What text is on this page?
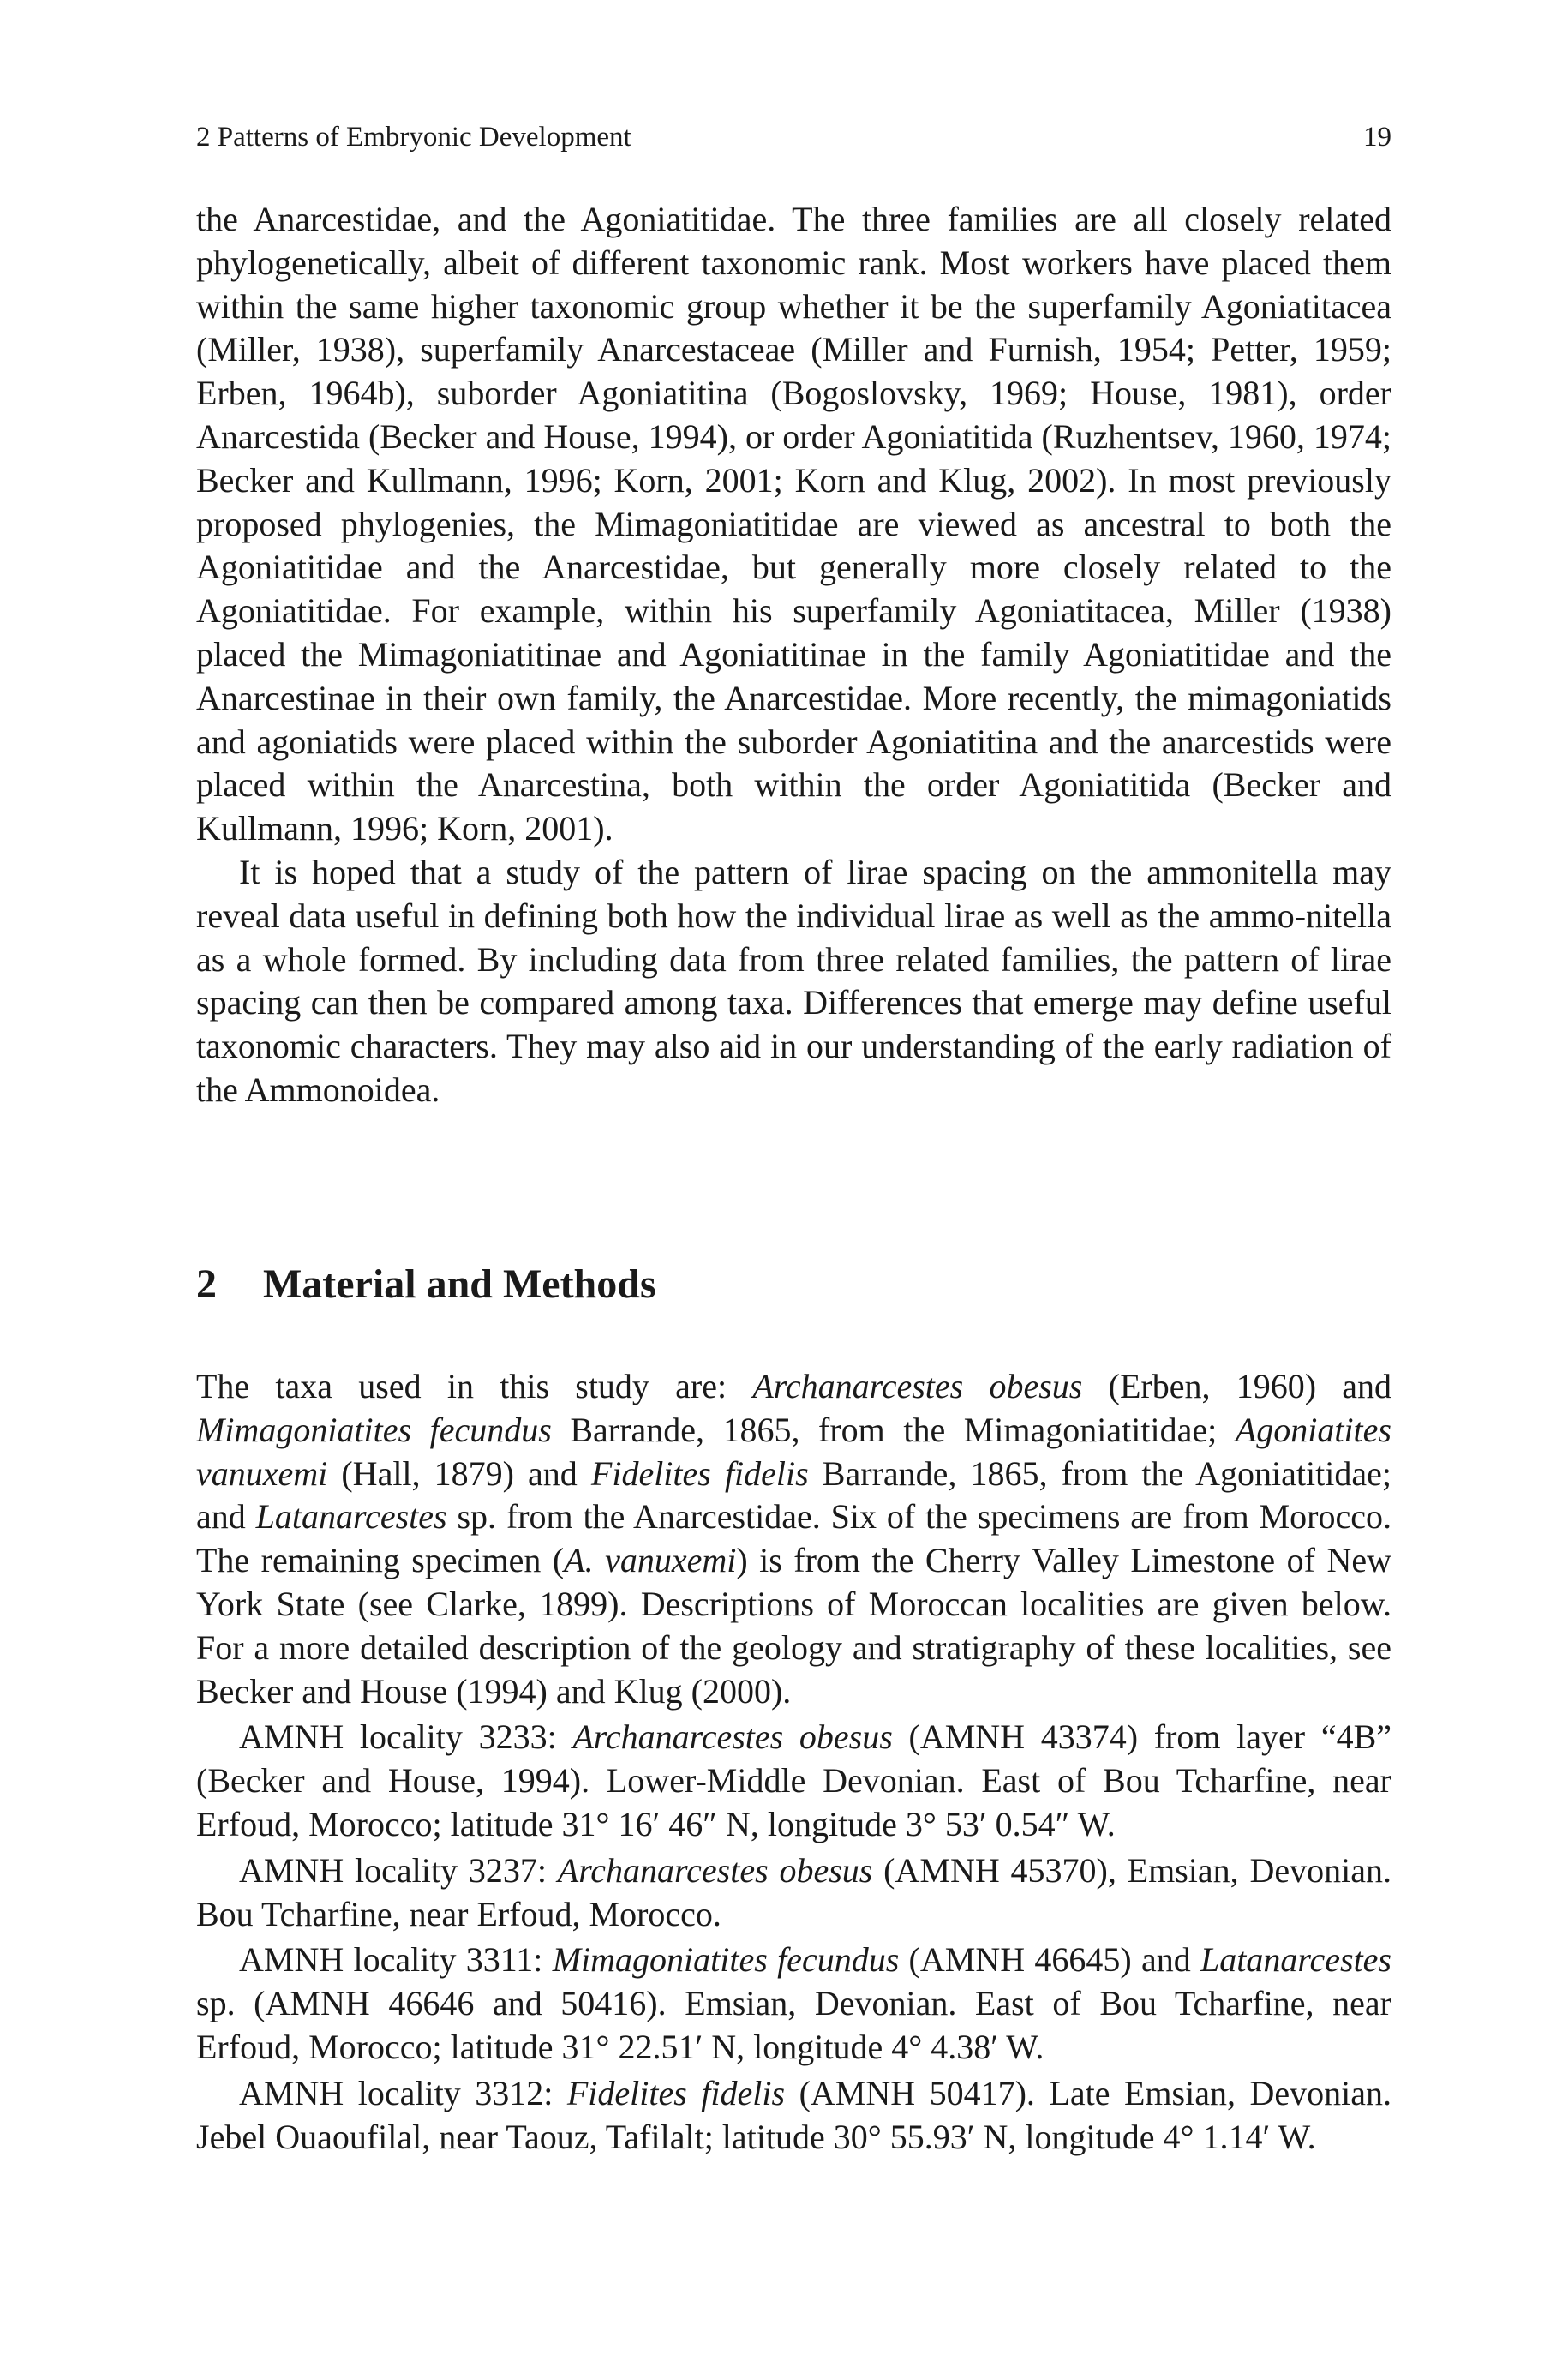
2 Patterns of Embryonic Development	19

the Anarcestidae, and the Agoniatitidae. The three families are all closely related phylogenetically, albeit of different taxonomic rank. Most workers have placed them within the same higher taxonomic group whether it be the superfamily Agoniatitacea (Miller, 1938), superfamily Anarcestaceae (Miller and Furnish, 1954; Petter, 1959; Erben, 1964b), suborder Agoniatitina (Bogoslovsky, 1969; House, 1981), order Anarcestida (Becker and House, 1994), or order Agoniatitida (Ruzhentsev, 1960, 1974; Becker and Kullmann, 1996; Korn, 2001; Korn and Klug, 2002). In most previously proposed phylogenies, the Mimagoniatitidae are viewed as ancestral to both the Agoniatitidae and the Anarcestidae, but generally more closely related to the Agoniatitidae. For example, within his superfamily Agoniatitacea, Miller (1938) placed the Mimagoniatitinae and Agoniatitinae in the family Agoniatitidae and the Anarcestinae in their own family, the Anarcestidae. More recently, the mimagoniatids and agoniatids were placed within the suborder Agoniatitina and the anarcestids were placed within the Anarcestina, both within the order Agoniatitida (Becker and Kullmann, 1996; Korn, 2001).

It is hoped that a study of the pattern of lirae spacing on the ammonitella may reveal data useful in defining both how the individual lirae as well as the ammo-nitella as a whole formed. By including data from three related families, the pattern of lirae spacing can then be compared among taxa. Differences that emerge may define useful taxonomic characters. They may also aid in our understanding of the early radiation of the Ammonoidea.

2 Material and Methods

The taxa used in this study are: Archanarcestes obesus (Erben, 1960) and Mimagoniatites fecundus Barrande, 1865, from the Mimagoniatitidae; Agoniatites vanuxemi (Hall, 1879) and Fidelites fidelis Barrande, 1865, from the Agoniatitidae; and Latanarcestes sp. from the Anarcestidae. Six of the specimens are from Morocco. The remaining specimen (A. vanuxemi) is from the Cherry Valley Limestone of New York State (see Clarke, 1899). Descriptions of Moroccan localities are given below. For a more detailed description of the geology and stratigraphy of these localities, see Becker and House (1994) and Klug (2000).

AMNH locality 3233: Archanarcestes obesus (AMNH 43374) from layer “4B” (Becker and House, 1994). Lower-Middle Devonian. East of Bou Tcharfine, near Erfoud, Morocco; latitude 31° 16′ 46″ N, longitude 3° 53′ 0.54″ W.

AMNH locality 3237: Archanarcestes obesus (AMNH 45370), Emsian, Devonian. Bou Tcharfine, near Erfoud, Morocco.

AMNH locality 3311: Mimagoniatites fecundus (AMNH 46645) and Latanarcestes sp. (AMNH 46646 and 50416). Emsian, Devonian. East of Bou Tcharfine, near Erfoud, Morocco; latitude 31° 22.51′ N, longitude 4° 4.38′ W.

AMNH locality 3312: Fidelites fidelis (AMNH 50417). Late Emsian, Devonian. Jebel Ouaoufilal, near Taouz, Tafilalt; latitude 30° 55.93′ N, longitude 4° 1.14′ W.
